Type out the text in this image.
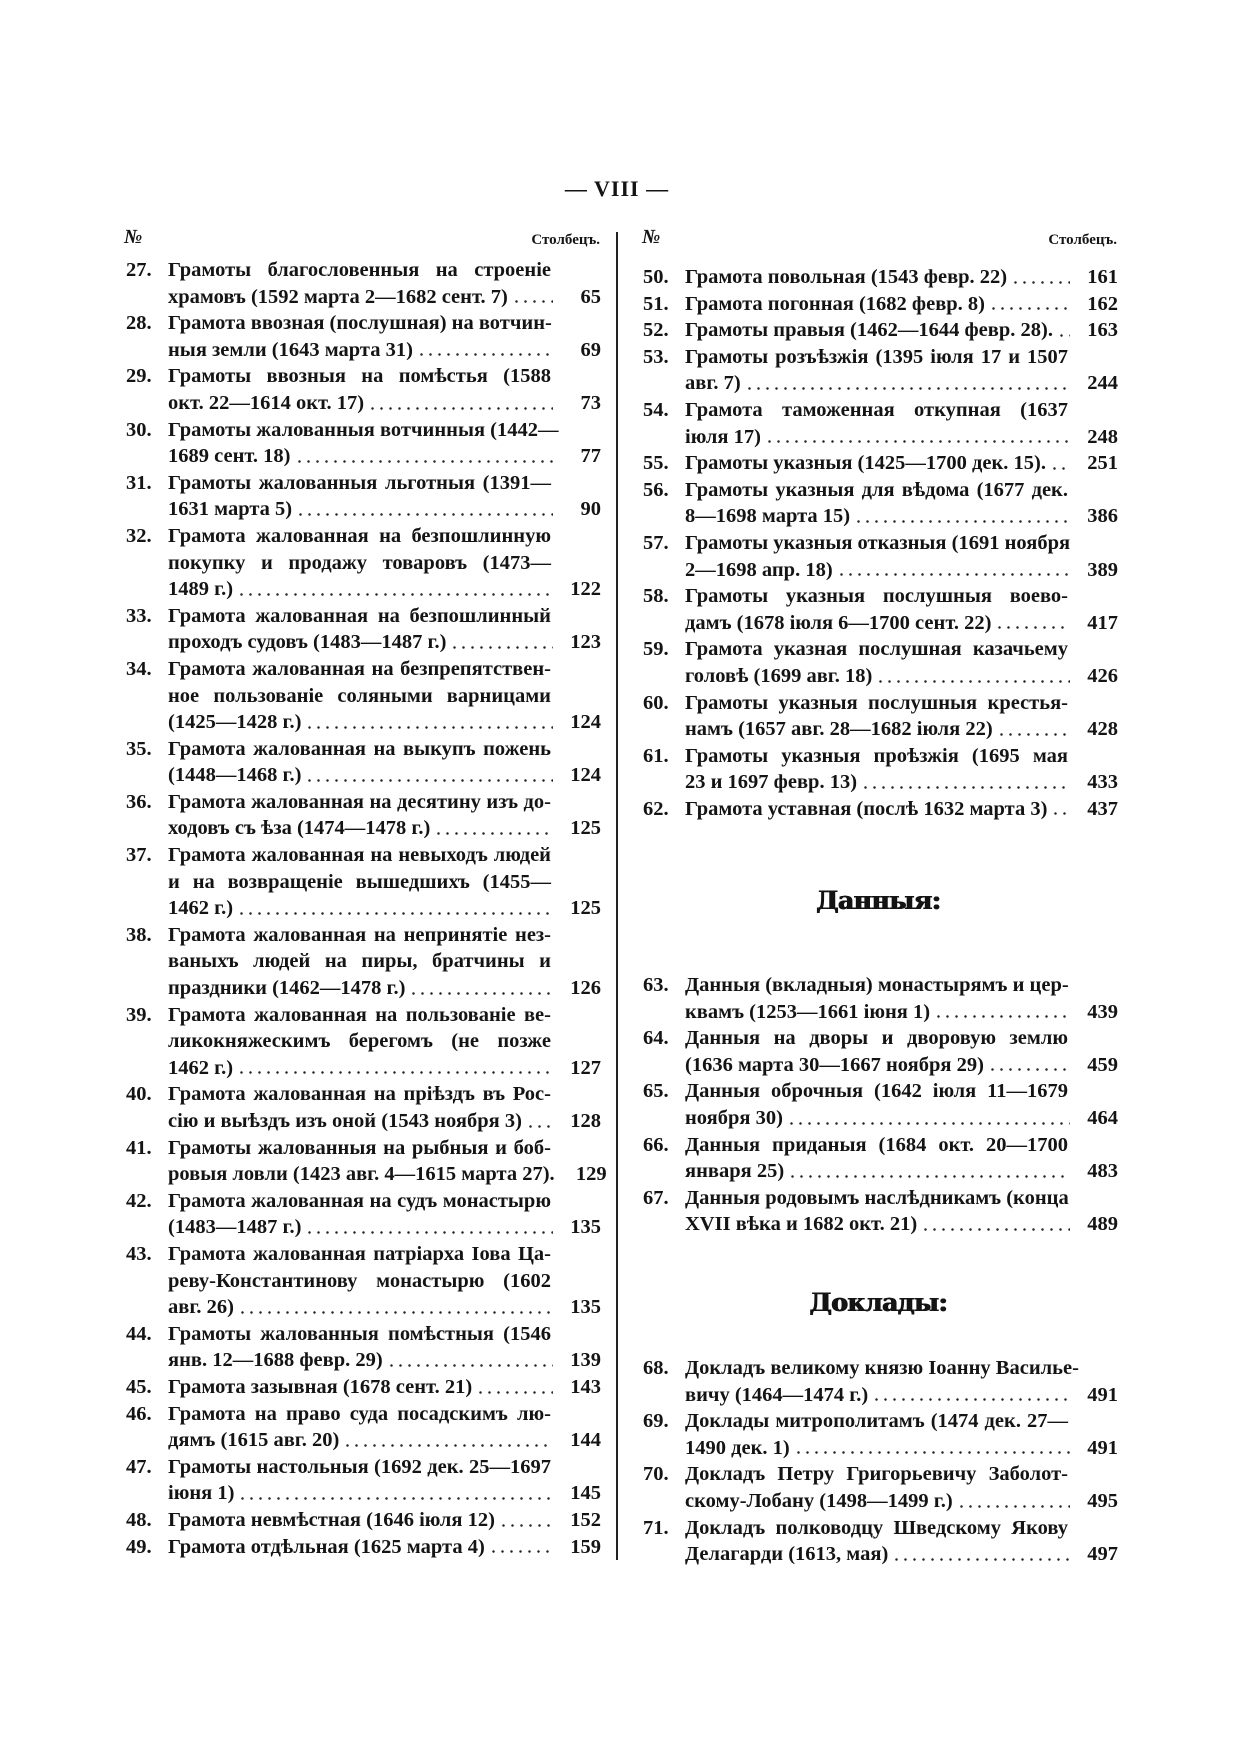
— VIII —
№	Столбецъ. №	Столбецъ.
27. Грамоты благословенныя на строеніе
храмовъ (1592 марта 2—1682 сент. 7)	65
28. Грамота ввозная (послушная) на вотчин-
ныя земли (1643 марта 31)	69
29. Грамоты ввозныя на помѣстья (1588
окт. 22—1614 окт. 17)	73
30. Грамоты жалованныя вотчинныя (1442—
1689 сент. 18)	77
31. Грамоты жалованныя льготныя (1391—
1631 марта 5)	90
32. Грамота жалованная на безпошлинную
покупку и продажу товаровъ (1473—
1489 г.)	122
33. Грамота жалованная на безпошлинный
проходъ судовъ (1483—1487 г.)	123
34. Грамота жалованная на безпрепятствен-
ное пользованіе соляными варницами
(1425—1428 г.)	124
35. Грамота жалованная на выкупъ пожень
(1448—1468 г.)	124
36. Грамота жалованная на десятину изъ до-
ходовъ съ ѣза (1474—1478 г.)	125
37. Грамота жалованная на невыходъ людей
и на возвращеніе вышедшихъ (1455—
1462 г.)	125
38. Грамота жалованная на непринятіе нез-
ваныхъ людей на пиры, братчины и
праздники (1462—1478 г.)	126
39. Грамота жалованная на пользованіе ве-
ликокняжескимъ берегомъ (не позже
1462 г.)	127
40. Грамота жалованная на пріѣздъ въ Рос-
сію и выѣздъ изъ оной (1543 ноября 3)	128
41. Грамоты жалованныя на рыбныя и боб-
ровыя ловли (1423 авг. 4—1615 марта 27).	129
42. Грамота жалованная на судъ монастырю
(1483—1487 г.)	135
43. Грамота жалованная патріарха Іова Ца-
реву-Константинову монастырю (1602
авг. 26)	135
44. Грамоты жалованныя помѣстныя (1546
янв. 12—1688 февр. 29)	139
45. Грамота зазывная (1678 сент. 21)	143
46. Грамота на право суда посадскимъ лю-
дямъ (1615 авг. 20)	144
47. Грамоты настольныя (1692 дек. 25—1697
іюня 1)	145
48. Грамота невмѣстная (1646 іюля 12)	152
49. Грамота отдѣльная (1625 марта 4)	159
50. Грамота повольная (1543 февр. 22)	161
51. Грамота погонная (1682 февр. 8)	162
52. Грамоты правыя (1462—1644 февр. 28).	163
53. Грамоты розъѣзжія (1395 іюля 17 и 1507
авг. 7)	244
54. Грамота таможенная откупная (1637
іюля 17)	248
55. Грамоты указныя (1425—1700 дек. 15).	251
56. Грамоты указныя для вѣдома (1677 дек.
8—1698 марта 15)	386
57. Грамоты указныя отказныя (1691 ноября
2—1698 апр. 18)	389
58. Грамоты указныя послушныя воево-
дамъ (1678 іюля 6—1700 сент. 22)	417
59. Грамота указная послушная казачьему
головѣ (1699 авг. 18)	426
60. Грамоты указныя послушныя крестья-
намъ (1657 авг. 28—1682 іюля 22)	428
61. Грамоты указныя проѣзжія (1695 мая
23 и 1697 февр. 13)	433
62. Грамота уставная (послѣ 1632 марта 3)	437
Данныя:
63. Данныя (вкладныя) монастырямъ и цер-
квамъ (1253—1661 іюня 1)	439
64. Данныя на дворы и дворовую землю
(1636 марта 30—1667 ноября 29)	459
65. Данныя оброчныя (1642 іюля 11—1679
ноября 30)	464
66. Данныя приданыя (1684 окт. 20—1700
января 25)	483
67. Данныя родовымъ наслѣдникамъ (конца
XVII вѣка и 1682 окт. 21)	489
Доклады:
68. Докладъ великому князю Іоанну Василье-
вичу (1464—1474 г.)	491
69. Доклады митрополитамъ (1474 дек. 27—
1490 дек. 1)	491
70. Докладъ Петру Григорьевичу Заболот-
скому-Лобану (1498—1499 г.)	495
71. Докладъ полководцу Шведскому Якову
Делагарди (1613, мая)	497
